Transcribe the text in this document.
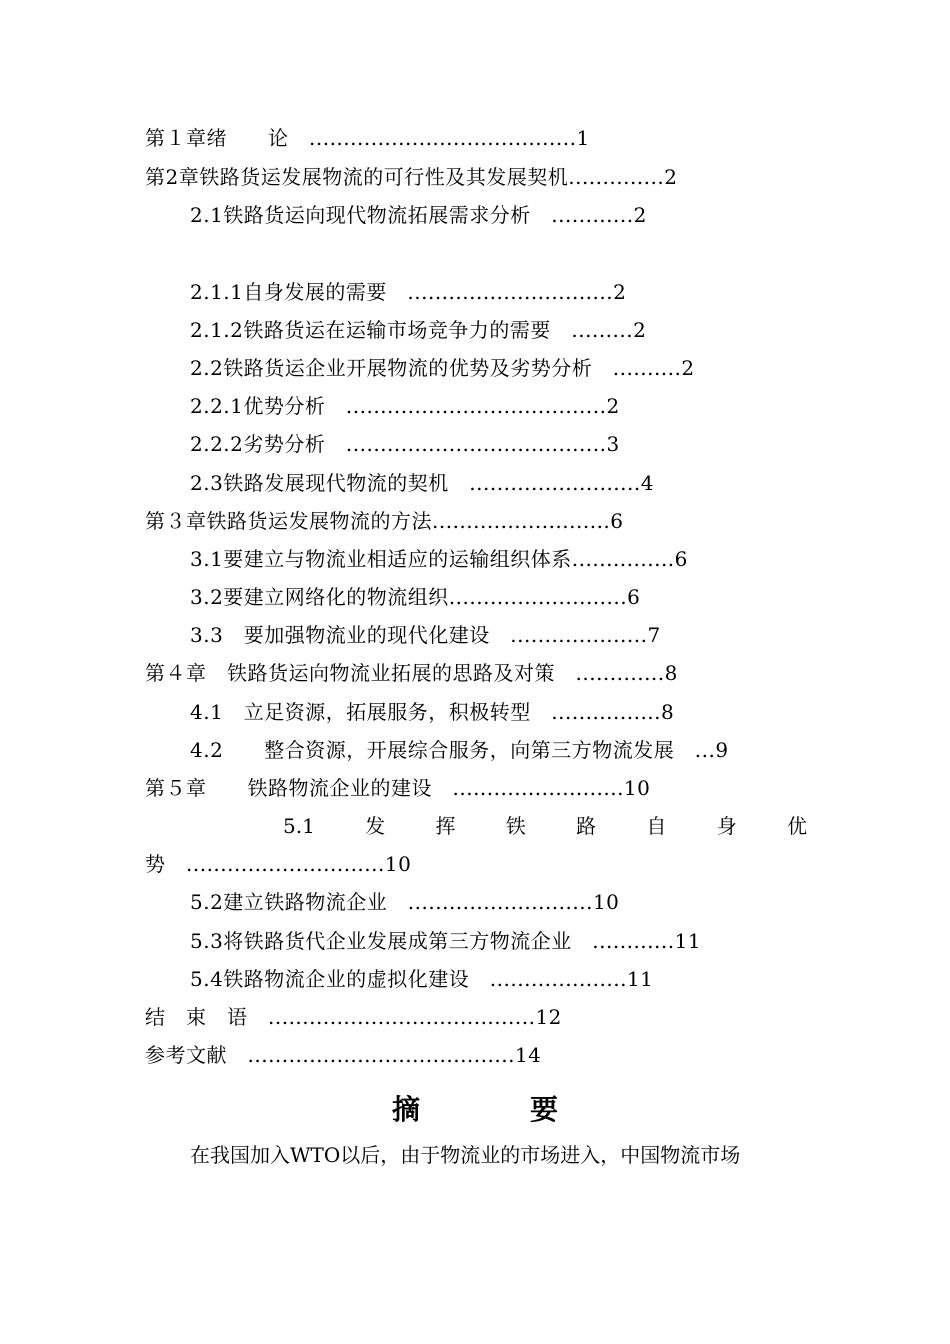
第１章绪　　论　.......................................1
第2章铁路货运发展物流的可行性及其发展契机..............2
2.1铁路货运向现代物流拓展需求分析　............2
2.1.1自身发展的需要　..............................2
2.1.2铁路货运在运输市场竞争力的需要　.........2
2.2铁路货运企业开展物流的优势及劣势分析　..........2
2.2.1优势分析　......................................2
2.2.2劣势分析　......................................3
2.3铁路发展现代物流的契机　.........................4
第３章铁路货运发展物流的方法..........................6
3.1要建立与物流业相适应的运输组织体系...............6
3.2要建立网络化的物流组织..........................6
3.3　要加强物流业的现代化建设　....................7
第４章　铁路货运向物流业拓展的思路及对策　.............8
4.1　立足资源，拓展服务，积极转型　................8
4.2　　整合资源，开展综合服务，向第三方物流发展　...9
第５章　　铁路物流企业的建设　.........................10
5.1	发	挥	铁	路	自	身	优
势　.............................10
5.2建立铁路物流企业　...........................10
5.3将铁路货代企业发展成第三方物流企业　............11
5.4铁路物流企业的虚拟化建设　....................11
结　束　语　.......................................12
参考文献　.......................................14
摘	要
在我国加入WTO以后，由于物流业的市场进入，中国物流市场
